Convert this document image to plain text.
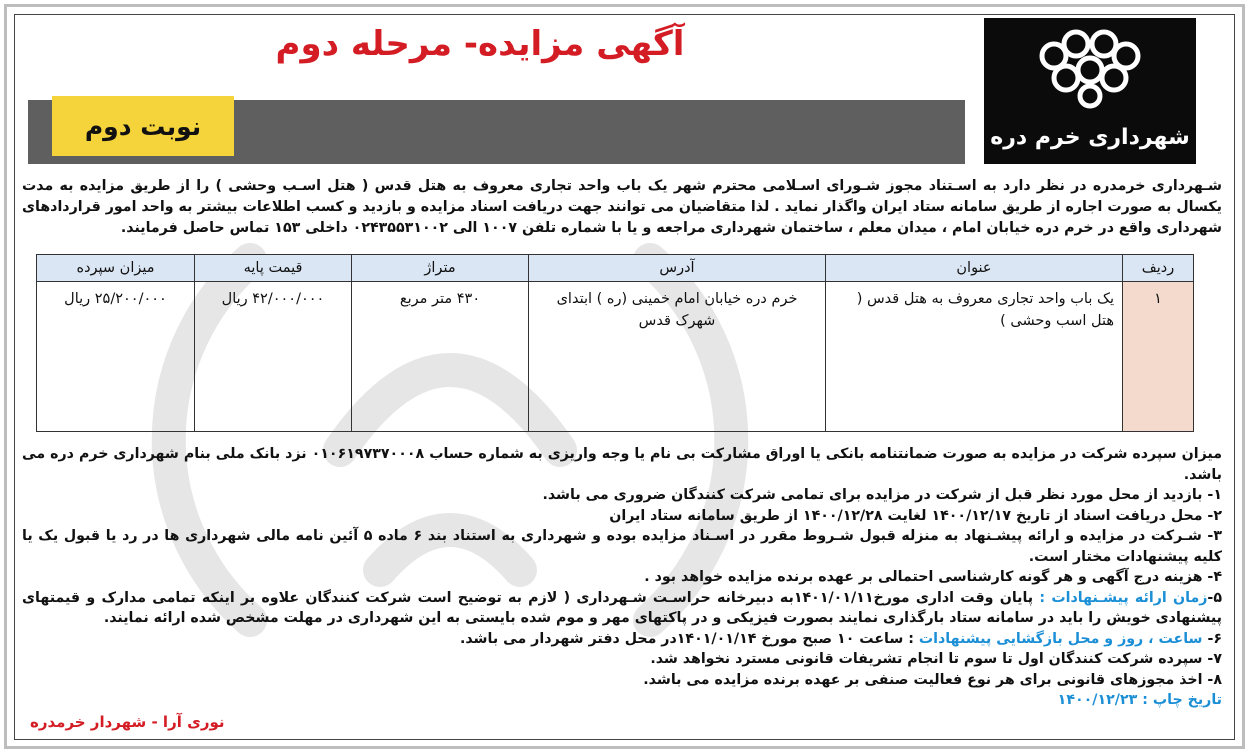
شهرداری خرم دره
آگهی مزایده- مرحله دوم
نوبت دوم
شـهرداری خرمدره در نظر دارد به اسـتناد مجوز شـورای اسـلامی محترم شهر یک باب واحد تجاری معروف به هتل قدس ( هتل اسـب وحشی ) را از طریق مزایده به مدت یکسال به صورت اجاره از طریق سامانه ستاد ایران واگذار نماید . لذا متقاضیان می توانند جهت دریافت اسناد مزایده و بازدید و کسب اطلاعات بیشتر به واحد امور قراردادهای شهرداری واقع در خرم دره خیابان امام ، میدان معلم ، ساختمان شهرداری مراجعه و یا با شماره تلفن ۱۰۰۷ الی ۰۲۴۳۵۵۳۱۰۰۲ داخلی ۱۵۳ تماس حاصل فرمایند.
ردیف	عنوان	آدرس	متراژ	قیمت پایه	میزان سپرده
۱	یک باب واحد تجاری معروف به هتل قدس ( هتل اسب وحشی )	خرم دره خیابان امام خمینی (ره ) ابتدای شهرک قدس	۴۳۰ متر مربع	۴۲/۰۰۰/۰۰۰ ریال	۲۵/۲۰۰/۰۰۰ ریال

میزان سپرده شرکت در مزایده به صورت ضمانتنامه بانکی یا اوراق مشارکت بی نام یا وجه واریزی به شماره حساب ۰۱۰۶۱۹۷۳۷۰۰۰۸ نزد بانک ملی بنام شهرداری خرم دره می باشد.

۱- بازدید از محل مورد نظر قبل از شرکت در مزایده برای تمامی شرکت کنندگان ضروری می باشد.

۲- محل دریافت اسناد از تاریخ ۱۴۰۰/۱۲/۱۷ لغایت ۱۴۰۰/۱۲/۲۸ از طریق سامانه ستاد ایران

۳- شـرکت در مزایده و ارائه پیشـنهاد به منزله قبول شـروط مقرر در اسـناد مزایده بوده و شهرداری به استناد بند ۶ ماده ۵ آئین نامه مالی شهرداری ها در رد یا قبول یک یا کلیه پیشنهادات مختار است.

۴- هزینه درج آگهی و هر گونه کارشناسی احتمالی بر عهده برنده مزایده خواهد بود .

۵-زمان ارائه پیشـنهادات : پایان وقت اداری مورخ۱۴۰۱/۰۱/۱۱به دبیرخانه حراسـت شـهرداری ( لازم به توضیح است شرکت کنندگان علاوه بر اینکه تمامی مدارک و قیمتهای پیشنهادی خویش را باید در سامانه ستاد بارگذاری نمایند بصورت فیزیکی و در پاکتهای مهر و موم شده بایستی به این شهرداری در مهلت مشخص شده ارائه نمایند.

۶- ساعت ، روز و محل بازگشایی پیشنهادات : ساعت ۱۰ صبح مورخ ۱۴۰۱/۰۱/۱۴در محل دفتر شهردار می باشد.

۷- سپرده شرکت کنندگان اول تا سوم تا انجام تشریفات قانونی مسترد نخواهد شد.

۸- اخذ مجوزهای قانونی برای هر نوع فعالیت صنفی بر عهده برنده مزایده می باشد.

تاریخ چاپ : ۱۴۰۰/۱۲/۲۳

نوری آرا - شهردار خرمدره
